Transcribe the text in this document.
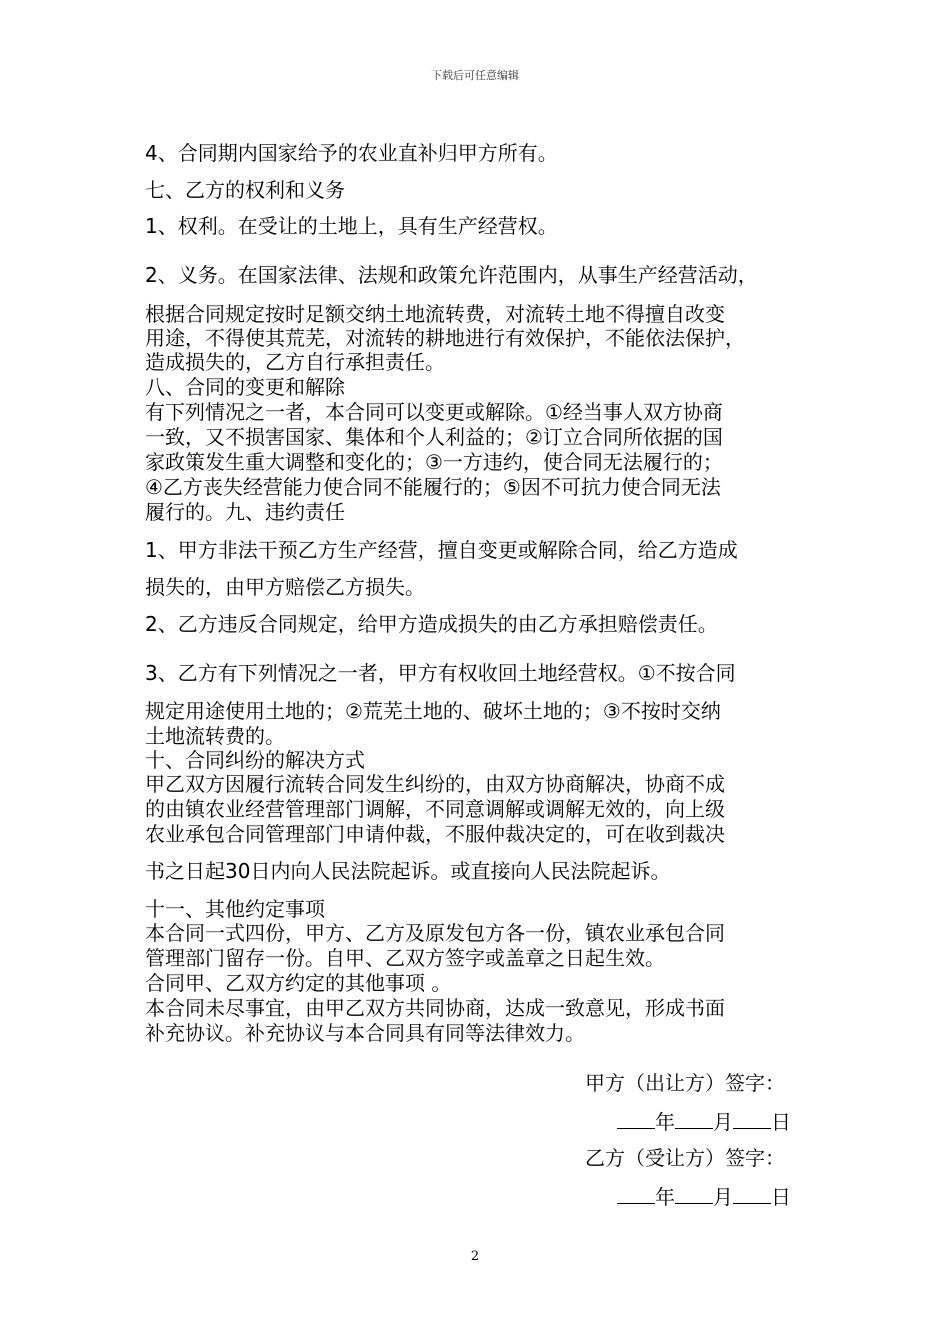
下载后可任意编辑
4、合同期内国家给予的农业直补归甲方所有。
七、乙方的权利和义务
1、权利。在受让的土地上，具有生产经营权。
2、义务。在国家法律、法规和政策允许范围内，从事生产经营活动，
根据合同规定按时足额交纳土地流转费，对流转土地不得擅自改变
用途，不得使其荒芜，对流转的耕地进行有效保护，不能依法保护，
造成损失的，乙方自行承担责任。
八、合同的变更和解除
有下列情况之一者，本合同可以变更或解除。①经当事人双方协商
一致，又不损害国家、集体和个人利益的；②订立合同所依据的国
家政策发生重大调整和变化的；③一方违约，使合同无法履行的；
④乙方丧失经营能力使合同不能履行的；⑤因不可抗力使合同无法
履行的。九、违约责任
1、甲方非法干预乙方生产经营，擅自变更或解除合同，给乙方造成
损失的，由甲方赔偿乙方损失。
2、乙方违反合同规定，给甲方造成损失的由乙方承担赔偿责任。
3、乙方有下列情况之一者，甲方有权收回土地经营权。①不按合同
规定用途使用土地的；②荒芜土地的、破坏土地的；③不按时交纳
土地流转费的。
十、合同纠纷的解决方式
甲乙双方因履行流转合同发生纠纷的，由双方协商解决，协商不成
的由镇农业经营管理部门调解，不同意调解或调解无效的，向上级
农业承包合同管理部门申请仲裁，不服仲裁决定的，可在收到裁决
书之日起30日内向人民法院起诉。或直接向人民法院起诉。
十一、其他约定事项
本合同一式四份，甲方、乙方及原发包方各一份，镇农业承包合同
管理部门留存一份。自甲、乙双方签字或盖章之日起生效。
合同甲、乙双方约定的其他事项 。
本合同未尽事宜，由甲乙双方共同协商，达成一致意见，形成书面
补充协议。补充协议与本合同具有同等法律效力。
甲方（出让方）签字：
年 月 日
乙方（受让方）签字：
年 月 日
2
